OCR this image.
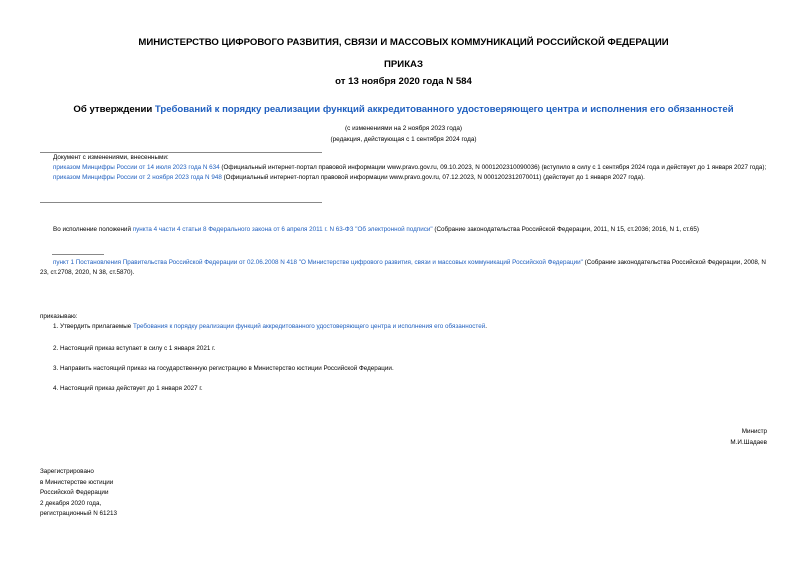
МИНИСТЕРСТВО ЦИФРОВОГО РАЗВИТИЯ, СВЯЗИ И МАССОВЫХ КОММУНИКАЦИЙ РОССИЙСКОЙ ФЕДЕРАЦИИ
ПРИКАЗ
от 13 ноября 2020 года N 584
Об утверждении Требований к порядку реализации функций аккредитованного удостоверяющего центра и исполнения его обязанностей
(с изменениями на 2 ноября 2023 года)
(редакция, действующая с 1 сентября 2024 года)
Документ с изменениями, внесенными:
приказом Минцифры России от 14 июля 2023 года N 634 (Официальный интернет-портал правовой информации www.pravo.gov.ru, 09.10.2023, N 0001202310090036) (вступило в силу с 1 сентября 2024 года и действует до 1 января 2027 года);
приказом Минцифры России от 2 ноября 2023 года N 948 (Официальный интернет-портал правовой информации www.pravo.gov.ru, 07.12.2023, N 0001202312070011) (действует до 1 января 2027 года).
Во исполнение положений пункта 4 части 4 статьи 8 Федерального закона от 6 апреля 2011 г. N 63-ФЗ "Об электронной подписи" (Собрание законодательства Российской Федерации, 2011, N 15, ст.2036; 2016, N 1, ст.65)
пункт 1 Постановления Правительства Российской Федерации от 02.06.2008 N 418 "О Министерстве цифрового развития, связи и массовых коммуникаций Российской Федерации" (Собрание законодательства Российской Федерации, 2008, N 23, ст.2708, 2020, N 38, ст.5870).
приказываю:
1. Утвердить прилагаемые Требования к порядку реализации функций аккредитованного удостоверяющего центра и исполнения его обязанностей.
2. Настоящий приказ вступает в силу с 1 января 2021 г.
3. Направить настоящий приказ на государственную регистрацию в Министерство юстиции Российской Федерации.
4. Настоящий приказ действует до 1 января 2027 г.
Министр
М.И.Шадаев
Зарегистрировано
в Министерстве юстиции
Российской Федерации
2 декабря 2020 года,
регистрационный N 61213
